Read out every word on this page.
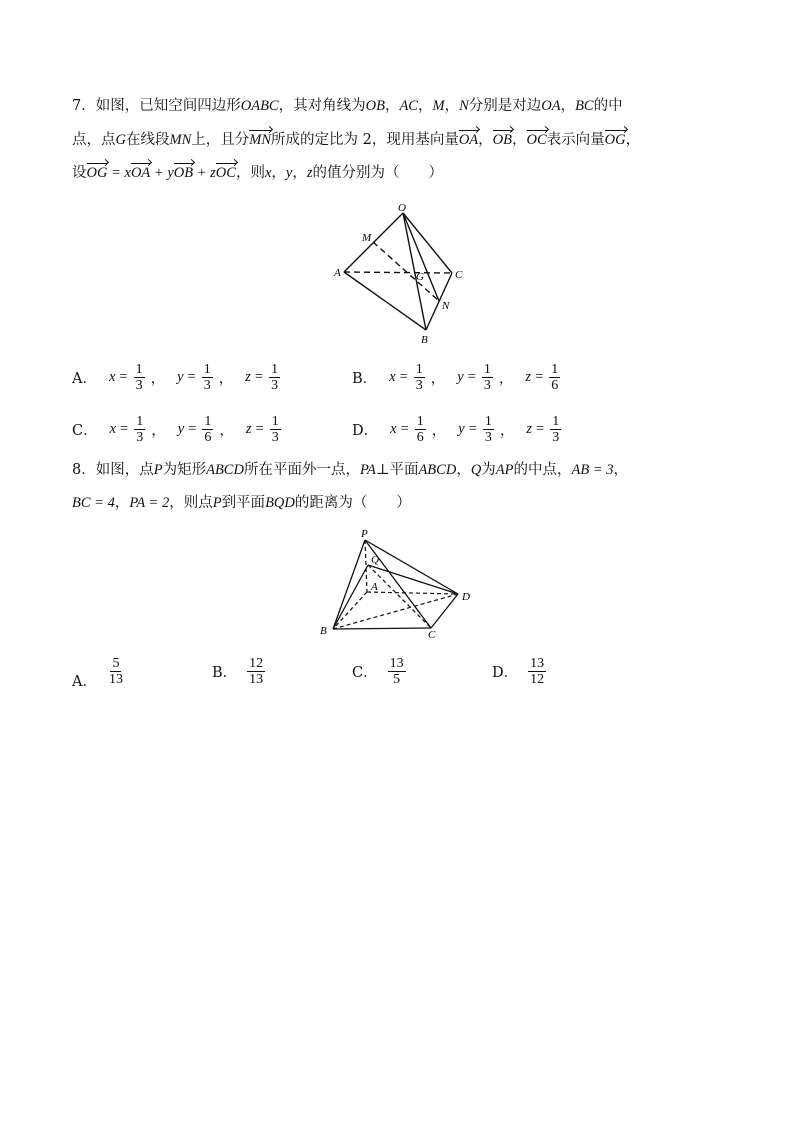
7．如图，已知空间四边形OABC，其对角线为OB，AC，M，N分别是对边OA，BC的中
点，点G在线段MN上，且分MN所成的定比为 2，现用基向量OA，OB，OC表示向量OG，
设OG = xOA + yOB + zOC，则x，y，z的值分别为（　　）
O
M
A	G	C
N
B
A． $x = \frac{1}{3}$ ， $y = \frac{1}{3}$ ， $z = \frac{1}{3}$	B． $x = \frac{1}{3}$ ， $y = \frac{1}{3}$ ， $z = \frac{1}{6}$
C． $x = \frac{1}{3}$ ， $y = \frac{1}{6}$ ， $z = \frac{1}{3}$	D． $x = \frac{1}{6}$ ， $y = \frac{1}{3}$ ， $z = \frac{1}{3}$
8．如图，点P为矩形ABCD所在平面外一点，PA⊥平面ABCD，Q为AP的中点，AB = 3，
BC = 4，PA = 2，则点P到平面BQD的距离为（　　）
P
Q
A
D
B	C
A． $\frac{5}{13}$	B． $\frac{12}{13}$	C． $\frac{13}{5}$	D． $\frac{13}{12}$
